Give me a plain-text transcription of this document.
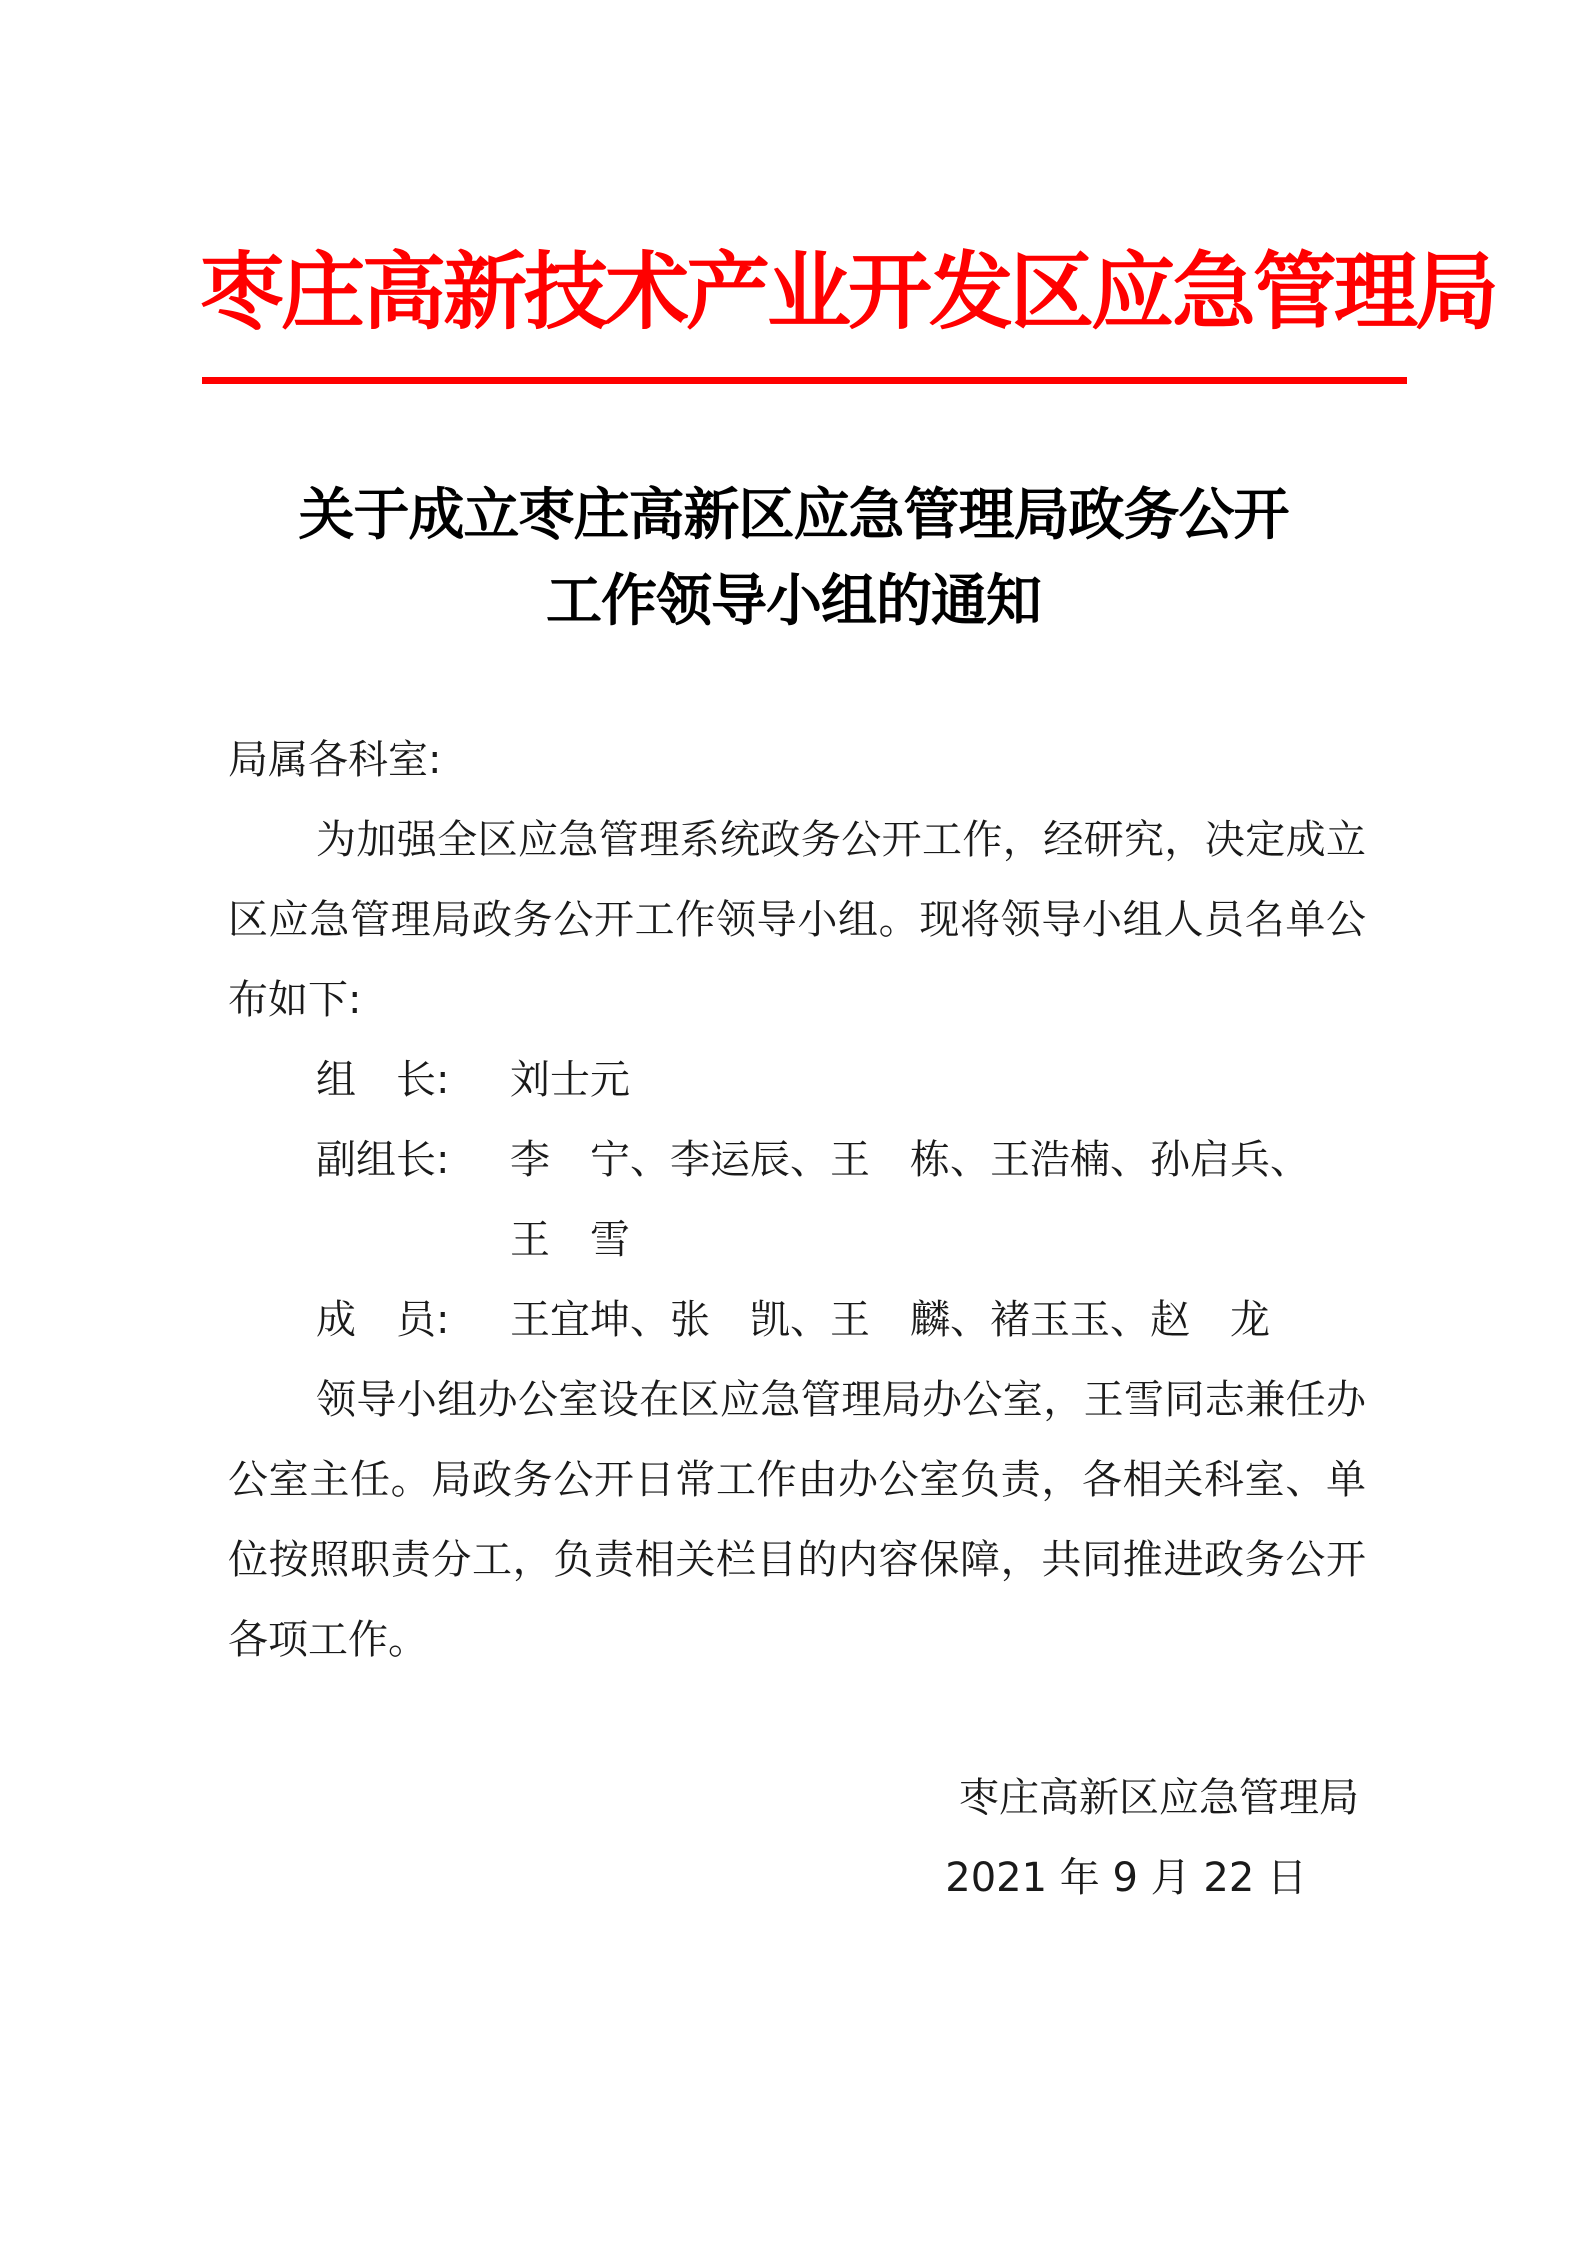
枣庄高新技术产业开发区应急管理局
关于成立枣庄高新区应急管理局政务公开
工作领导小组的通知

局属各科室:

为加强全区应急管理系统政务公开工作，经研究，决定成立区应急管理局政务公开工作领导小组。现将领导小组人员名单公布如下:

组　长:	刘士元
副组长:	李　宁、李运辰、王　栋、王浩楠、孙启兵、
王　雪
成　员:	王宜坤、张　凯、王　麟、褚玉玉、赵　龙

领导小组办公室设在区应急管理局办公室，王雪同志兼任办公室主任。局政务公开日常工作由办公室负责，各相关科室、单位按照职责分工，负责相关栏目的内容保障，共同推进政务公开各项工作。

枣庄高新区应急管理局
2021 年 9 月 22 日
